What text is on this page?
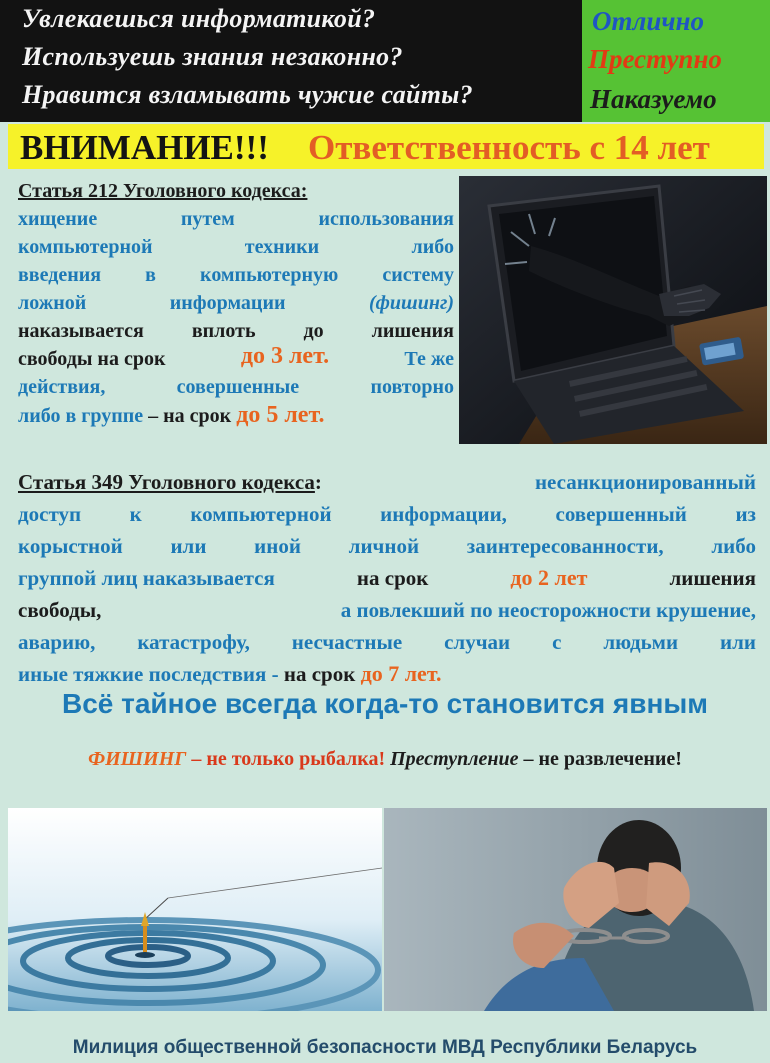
Увлекаешься информатикой?
Используешь знания незаконно?
Нравится взламывать чужие сайты?
Отлично
Преступно
Наказуемо
ВНИМАНИЕ!!! Ответственность с 14 лет
Статья 212 Уголовного кодекса:
хищение	путем	использования
компьютерной	техники	либо
введения в компьютерную систему
ложной	информации	(фишинг)
наказывается вплоть до лишения
свободы на срок	до 3 лет.	Те же
действия,	совершенные	повторно
либо в группе – на срок до 5 лет.
Статья 349 Уголовного кодекса:	несанкционированный
доступ к компьютерной информации, совершенный из
корыстной или иной личной заинтересованности, либо
группой лиц наказывается	на срок	до 2 лет	лишения
свободы,	а повлекший по неосторожности крушение,
аварию, катастрофу, несчастные случаи с людьми или
иные тяжкие последствия - на срок до 7 лет.
Всё тайное всегда когда-то становится явным
ФИШИНГ – не только рыбалка! Преступление – не развлечение!
Милиция общественной безопасности МВД Республики Беларусь
